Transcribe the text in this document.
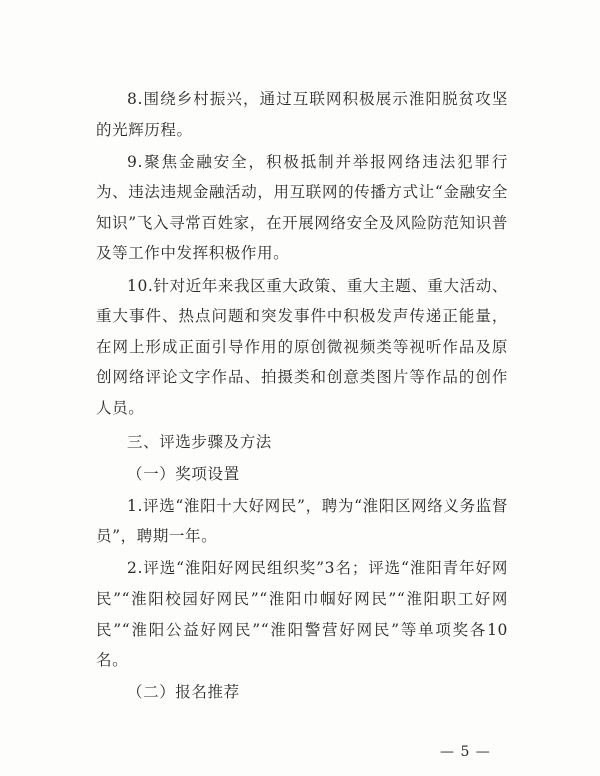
8.围绕乡村振兴，通过互联网积极展示淮阳脱贫攻坚的光辉历程。

9.聚焦金融安全，积极抵制并举报网络违法犯罪行为、违法违规金融活动，用互联网的传播方式让“金融安全知识”飞入寻常百姓家，在开展网络安全及风险防范知识普及等工作中发挥积极作用。

10.针对近年来我区重大政策、重大主题、重大活动、重大事件、热点问题和突发事件中积极发声传递正能量，在网上形成正面引导作用的原创微视频类等视听作品及原创网络评论文字作品、拍摄类和创意类图片等作品的创作人员。

三、评选步骤及方法

（一）奖项设置

1.评选“淮阳十大好网民”，聘为“淮阳区网络义务监督员”，聘期一年。

2.评选“淮阳好网民组织奖”3名；评选“淮阳青年好网民”“淮阳校园好网民”“淮阳巾帼好网民”“淮阳职工好网民”“淮阳公益好网民”“淮阳警营好网民”等单项奖各10名。

（二）报名推荐

— 5 —
